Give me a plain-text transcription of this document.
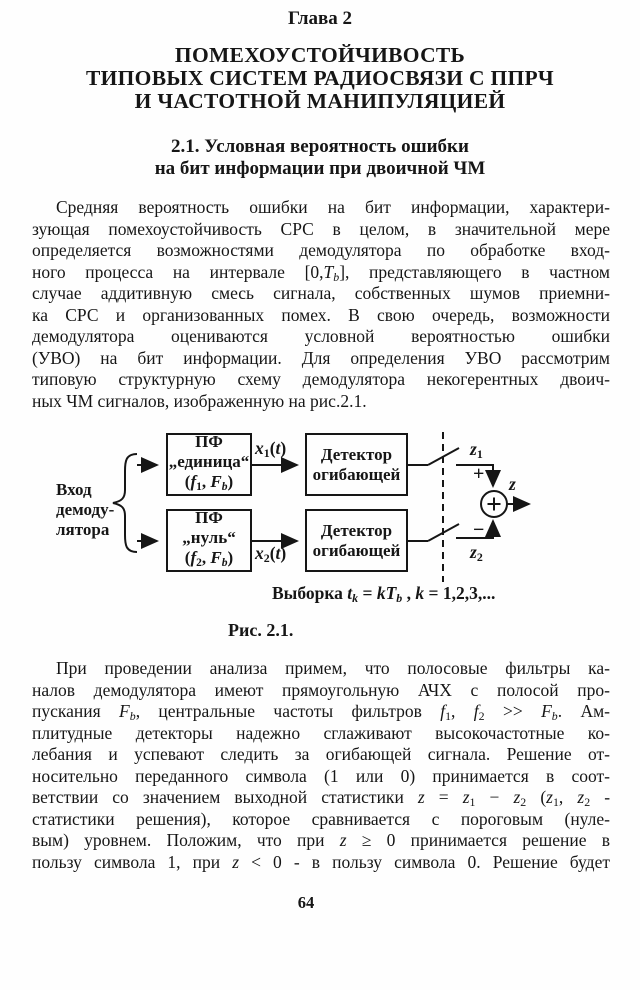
Глава 2
ПОМЕХОУСТОЙЧИВОСТЬ
ТИПОВЫХ СИСТЕМ РАДИОСВЯЗИ С ППРЧ
И ЧАСТОТНОЙ МАНИПУЛЯЦИЕЙ
2.1. Условная вероятность ошибки
на бит информации при двоичной ЧМ
Средняя вероятность ошибки на бит информации, характери-
зующая помехоустойчивость СРС в целом, в значительной мере
определяется возможностями демодулятора по обработке вход-
ного процесса на интервале [0,Tb], представляющего в частном
случае аддитивную смесь сигнала, собственных шумов приемни-
ка СРС и организованных помех. В свою очередь, возможности
демодулятора оцениваются условной вероятностью ошибки
(УВО) на бит информации. Для определения УВО рассмотрим
типовую структурную схему демодулятора некогерентных двоич-
ных ЧМ сигналов, изображенную на рис.2.1.
Вход
демоду-
лятора
ПФ
„единица“
(f1, Fb)
ПФ
„нуль“
(f2, Fb)
Детектор
огибающей
Детектор
огибающей
x1(t)
x2(t)
z1
z2
z
+
−
Выборка tk = kTb , k = 1,2,3,...
Рис. 2.1.
При проведении анализа примем, что полосовые фильтры ка-
налов демодулятора имеют прямоугольную АЧХ с полосой про-
пускания Fb, центральные частоты фильтров f1, f2 >> Fb. Ам-
плитудные детекторы надежно сглаживают высокочастотные ко-
лебания и успевают следить за огибающей сигнала. Решение от-
носительно переданного символа (1 или 0) принимается в соот-
ветствии со значением выходной статистики z = z1 − z2 (z1, z2 -
статистики решения), которое сравнивается с пороговым (нуле-
вым) уровнем. Положим, что при z ≥ 0 принимается решение в
пользу символа 1, при z < 0 - в пользу символа 0. Решение будет
64
